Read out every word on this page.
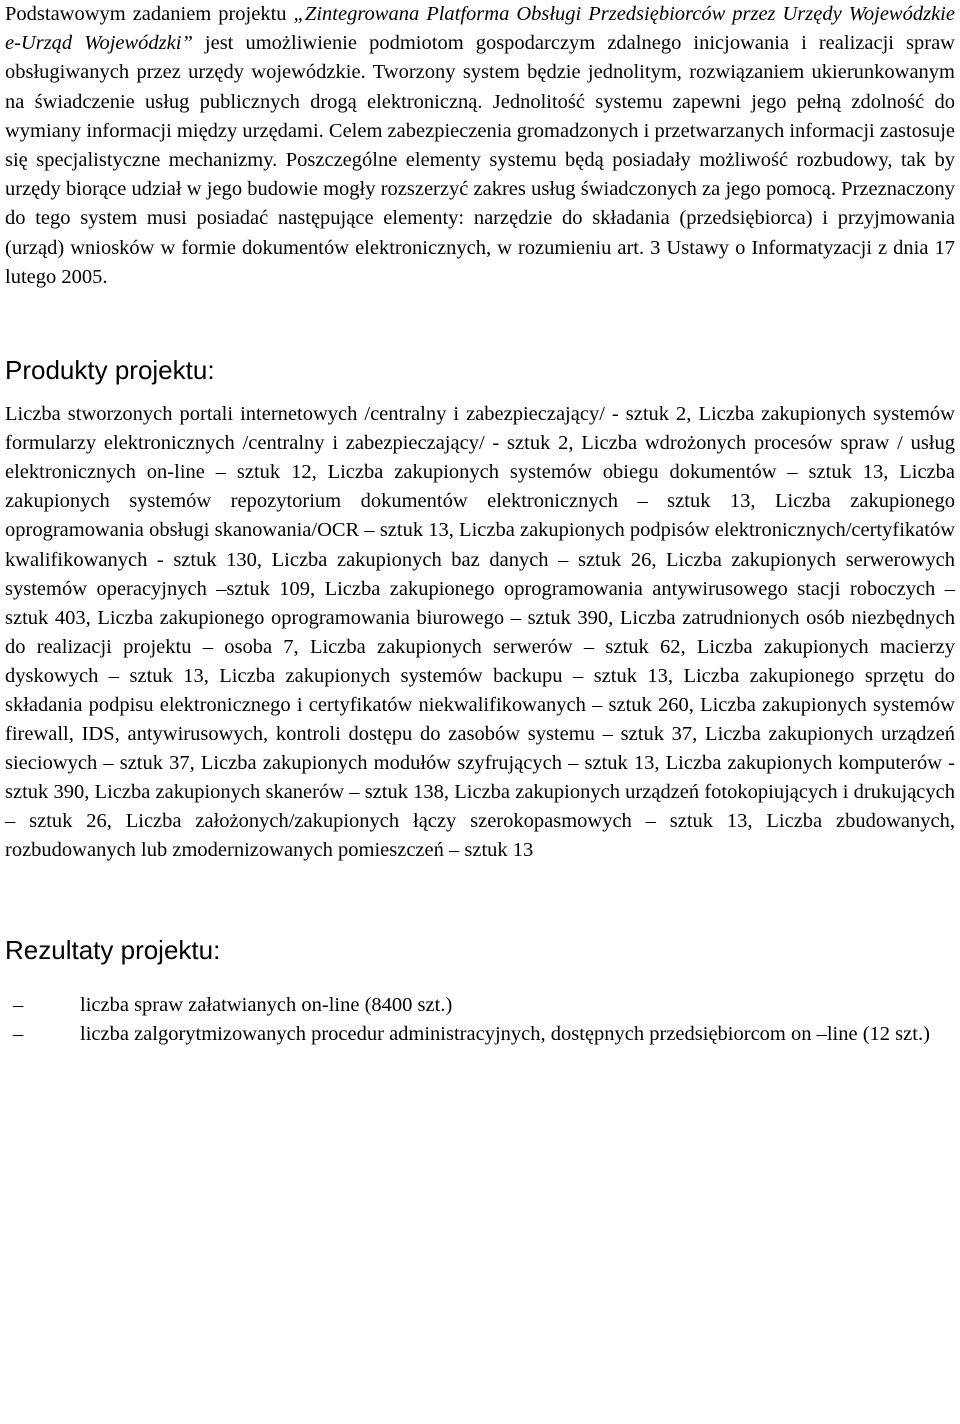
Podstawowym zadaniem projektu „Zintegrowana Platforma Obsługi Przedsiębiorców przez Urzędy Wojewódzkie e-Urząd Wojewódzki” jest umożliwienie podmiotom gospodarczym zdalnego inicjowania i realizacji spraw obsługiwanych przez urzędy wojewódzkie. Tworzony system będzie jednolitym, rozwiązaniem ukierunkowanym na świadczenie usług publicznych drogą elektroniczną. Jednolitość systemu zapewni jego pełną zdolność do wymiany informacji między urzędami. Celem zabezpieczenia gromadzonych i przetwarzanych informacji zastosuje się specjalistyczne mechanizmy. Poszczególne elementy systemu będą posiadały możliwość rozbudowy, tak by urzędy biorące udział w jego budowie mogły rozszerzyć zakres usług świadczonych za jego pomocą. Przeznaczony do tego system musi posiadać następujące elementy: narzędzie do składania (przedsiębiorca) i przyjmowania (urząd) wniosków w formie dokumentów elektronicznych, w rozumieniu art. 3 Ustawy o Informatyzacji z dnia 17 lutego 2005.

Produkty projektu:

Liczba stworzonych portali internetowych /centralny i zabezpieczający/ - sztuk 2, Liczba zakupionych systemów formularzy elektronicznych /centralny i zabezpieczający/ - sztuk 2, Liczba wdrożonych procesów spraw / usług elektronicznych on-line – sztuk 12, Liczba zakupionych systemów obiegu dokumentów – sztuk 13, Liczba zakupionych systemów repozytorium dokumentów elektronicznych – sztuk 13, Liczba zakupionego oprogramowania obsługi skanowania/OCR – sztuk 13, Liczba zakupionych podpisów elektronicznych/certyfikatów kwalifikowanych - sztuk 130, Liczba zakupionych baz danych – sztuk 26, Liczba zakupionych serwerowych systemów operacyjnych –sztuk 109, Liczba zakupionego oprogramowania antywirusowego stacji roboczych – sztuk 403, Liczba zakupionego oprogramowania biurowego – sztuk 390, Liczba zatrudnionych osób niezbędnych do realizacji projektu – osoba 7, Liczba zakupionych serwerów – sztuk 62, Liczba zakupionych macierzy dyskowych – sztuk 13, Liczba zakupionych systemów backupu – sztuk 13, Liczba zakupionego sprzętu do składania podpisu elektronicznego i certyfikatów niekwalifikowanych – sztuk 260, Liczba zakupionych systemów firewall, IDS, antywirusowych, kontroli dostępu do zasobów systemu – sztuk 37, Liczba zakupionych urządzeń sieciowych – sztuk 37, Liczba zakupionych modułów szyfrujących – sztuk 13, Liczba zakupionych komputerów - sztuk 390, Liczba zakupionych skanerów – sztuk 138, Liczba zakupionych urządzeń fotokopiujących i drukujących – sztuk 26, Liczba założonych/zakupionych łączy szerokopasmowych – sztuk 13, Liczba zbudowanych, rozbudowanych lub zmodernizowanych pomieszczeń – sztuk 13

Rezultaty projektu:
–	liczba spraw załatwianych on-line (8400 szt.)
–	liczba zalgorytmizowanych procedur administracyjnych, dostępnych przedsiębiorcom on –line (12 szt.)
